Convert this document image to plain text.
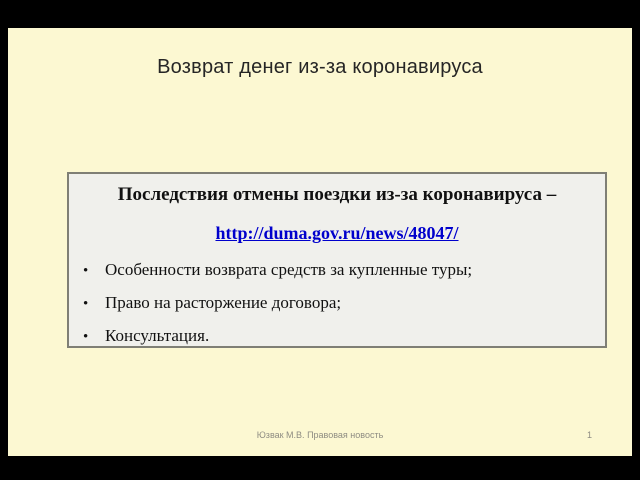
Возврат денег из-за коронавируса
Последствия отмены поездки из-за коронавируса –
http://duma.gov.ru/news/48047/
• Особенности возврата средств за купленные туры;
• Право на расторжение договора;
• Консультация.
Юзвак М.В. Правовая новость	1
